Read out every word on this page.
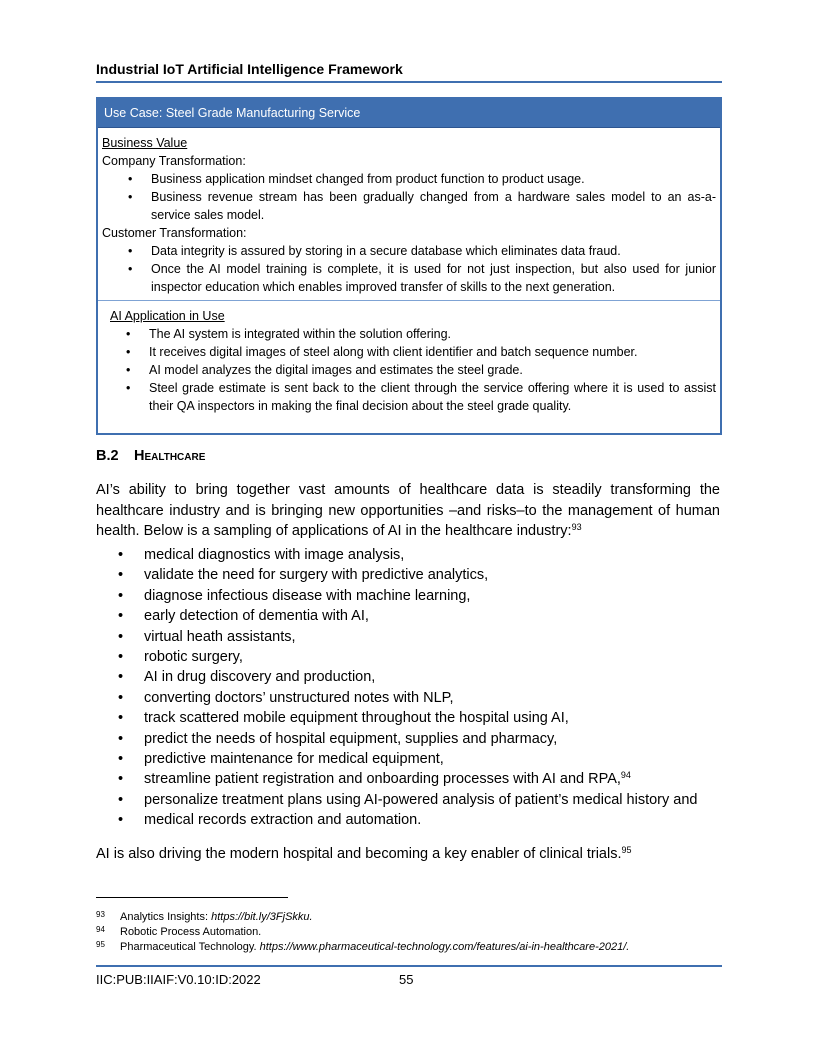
Industrial IoT Artificial Intelligence Framework
Use Case: Steel Grade Manufacturing Service
Business Value
Company Transformation:
• Business application mindset changed from product function to product usage.
• Business revenue stream has been gradually changed from a hardware sales model to an as-a-service sales model.
Customer Transformation:
• Data integrity is assured by storing in a secure database which eliminates data fraud.
• Once the AI model training is complete, it is used for not just inspection, but also used for junior inspector education which enables improved transfer of skills to the next generation.
AI Application in Use
• The AI system is integrated within the solution offering.
• It receives digital images of steel along with client identifier and batch sequence number.
• AI model analyzes the digital images and estimates the steel grade.
• Steel grade estimate is sent back to the client through the service offering where it is used to assist their QA inspectors in making the final decision about the steel grade quality.
B.2 Healthcare
AI’s ability to bring together vast amounts of healthcare data is steadily transforming the healthcare industry and is bringing new opportunities –and risks–to the management of human health. Below is a sampling of applications of AI in the healthcare industry:$^{93}$
• medical diagnostics with image analysis,
• validate the need for surgery with predictive analytics,
• diagnose infectious disease with machine learning,
• early detection of dementia with AI,
• virtual heath assistants,
• robotic surgery,
• AI in drug discovery and production,
• converting doctors’ unstructured notes with NLP,
• track scattered mobile equipment throughout the hospital using AI,
• predict the needs of hospital equipment, supplies and pharmacy,
• predictive maintenance for medical equipment,
• streamline patient registration and onboarding processes with AI and RPA,$^{94}$
• personalize treatment plans using AI-powered analysis of patient’s medical history and
• medical records extraction and automation.
AI is also driving the modern hospital and becoming a key enabler of clinical trials.$^{95}$
93 Analytics Insights: https://bit.ly/3FjSkku.
94 Robotic Process Automation.
95 Pharmaceutical Technology. https://www.pharmaceutical-technology.com/features/ai-in-healthcare-2021/.
IIC:PUB:IIAIF:V0.10:ID:2022	55
